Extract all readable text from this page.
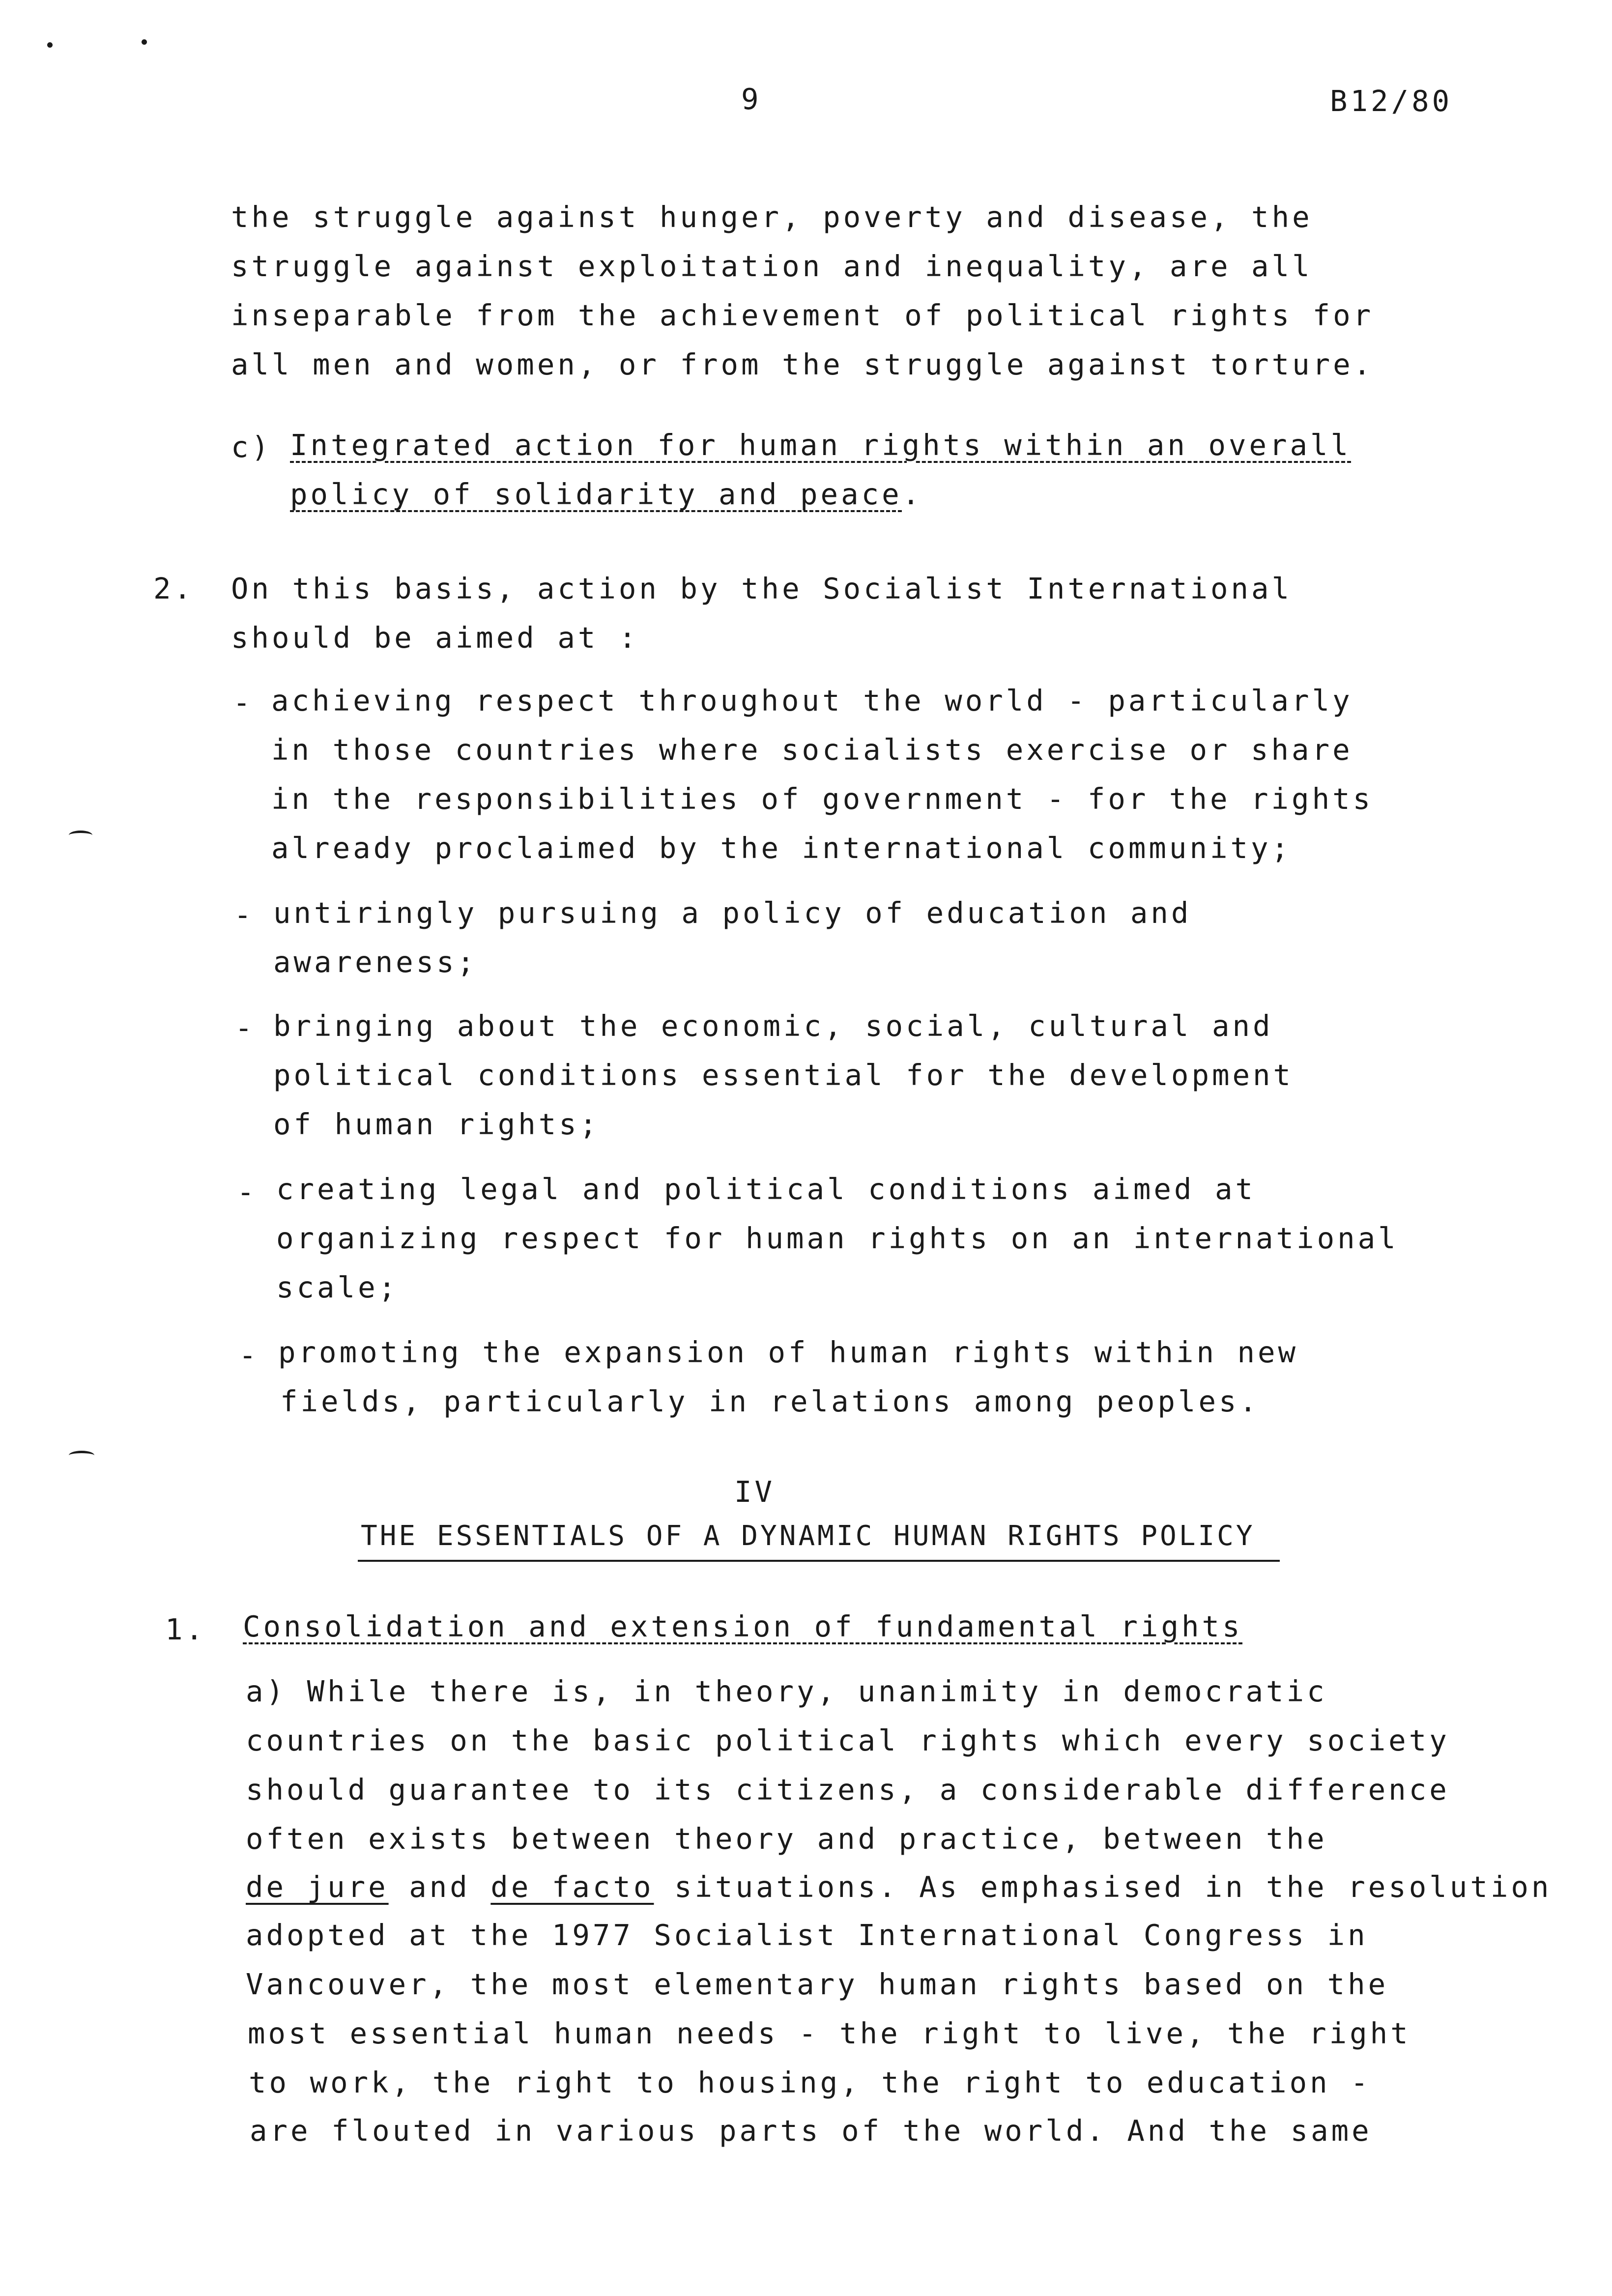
9	B12/80
the struggle against hunger, poverty and disease, the
struggle against exploitation and inequality, are all
inseparable from the achievement of political rights for
all men and women, or from the struggle against torture.
c) Integrated action for human rights within an overall
policy of solidarity and peace.
2. On this basis, action by the Socialist International
should be aimed at :
- achieving respect throughout the world - particularly
in those countries where socialists exercise or share
in the responsibilities of government - for the rights
already proclaimed by the international community;
- untiringly pursuing a policy of education and
awareness;
- bringing about the economic, social, cultural and
political conditions essential for the development
of human rights;
- creating legal and political conditions aimed at
organizing respect for human rights on an international
scale;
- promoting the expansion of human rights within new
fields, particularly in relations among peoples.
IV
THE ESSENTIALS OF A DYNAMIC HUMAN RIGHTS POLICY
1. Consolidation and extension of fundamental rights
a) While there is, in theory, unanimity in democratic
countries on the basic political rights which every society
should guarantee to its citizens, a considerable difference
often exists between theory and practice, between the
de jure and de facto situations. As emphasised in the resolution
adopted at the 1977 Socialist International Congress in
Vancouver, the most elementary human rights based on the
most essential human needs - the right to live, the right
to work, the right to housing, the right to education -
are flouted in various parts of the world. And the same
